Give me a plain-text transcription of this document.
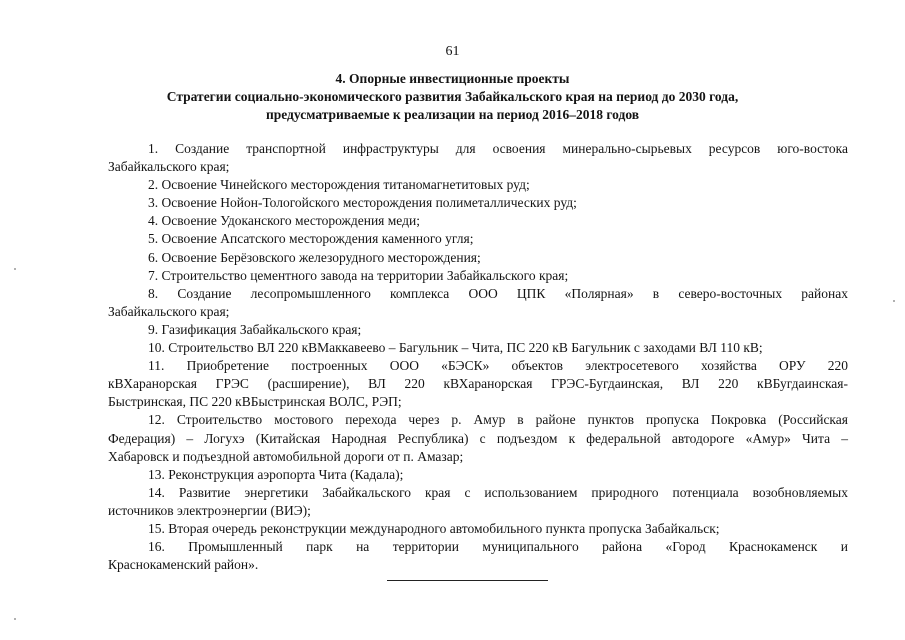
61
4. Опорные инвестиционные проекты
Стратегии социально-экономического развития Забайкальского края на период до 2030 года,
предусматриваемые к реализации на период 2016–2018 годов
1. Создание транспортной инфраструктуры для освоения минерально-сырьевых ресурсов юго-востока
Забайкальского края;
2. Освоение Чинейского месторождения титаномагнетитовых руд;
3. Освоение Нойон-Тологойского месторождения полиметаллических руд;
4. Освоение Удоканского месторождения меди;
5. Освоение Апсатского месторождения каменного угля;
6. Освоение Берёзовского железорудного месторождения;
7. Строительство цементного завода на территории Забайкальского края;
8. Создание лесопромышленного комплекса ООО ЦПК «Полярная» в северо-восточных районах
Забайкальского края;
9. Газификация Забайкальского края;
10. Строительство ВЛ 220 кВМаккавеево – Багульник – Чита, ПС 220 кВ Багульник с заходами ВЛ 110 кВ;
11. Приобретение построенных ООО «БЭСК» объектов электросетевого хозяйства ОРУ 220
кВХаранорская ГРЭС (расширение), ВЛ 220 кВХаранорская ГРЭС-Бугдаинская, ВЛ 220 кВБугдаинская-
Быстринская, ПС 220 кВБыстринская ВОЛС, РЭП;
12. Строительство мостового перехода через р. Амур в районе пунктов пропуска Покровка (Российская
Федерация) – Логухэ (Китайская Народная Республика) с подъездом к федеральной автодороге «Амур» Чита –
Хабаровск и подъездной автомобильной дороги от п. Амазар;
13. Реконструкция аэропорта Чита (Кадала);
14. Развитие энергетики Забайкальского края с использованием природного потенциала возобновляемых
источников электроэнергии (ВИЭ);
15. Вторая очередь реконструкции международного автомобильного пункта пропуска Забайкальск;
16. Промышленный парк на территории муниципального района «Город Краснокаменск и
Краснокаменский район».
